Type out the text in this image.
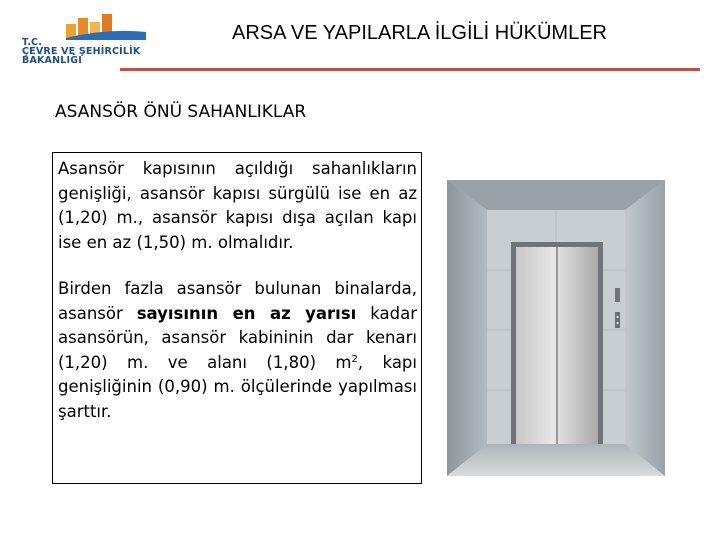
T.C.
ÇEVRE VE ŞEHİRCİLİK
BAKANLIĞI
ARSA VE YAPILARLA İLGİLİ HÜKÜMLER
ASANSÖR ÖNÜ SAHANLIKLAR

Asansör kapısının açıldığı sahanlıkların genişliği, asansör kapısı sürgülü ise en az (1,20) m., asansör kapısı dışa açılan kapı ise en az (1,50) m. olmalıdır.

Birden fazla asansör bulunan binalarda, asansör sayısının en az yarısı kadar asansörün, asansör kabininin dar kenarı (1,20) m. ve alanı (1,80) $m^2$, kapı genişliğinin (0,90) m. ölçülerinde yapılması şarttır.
